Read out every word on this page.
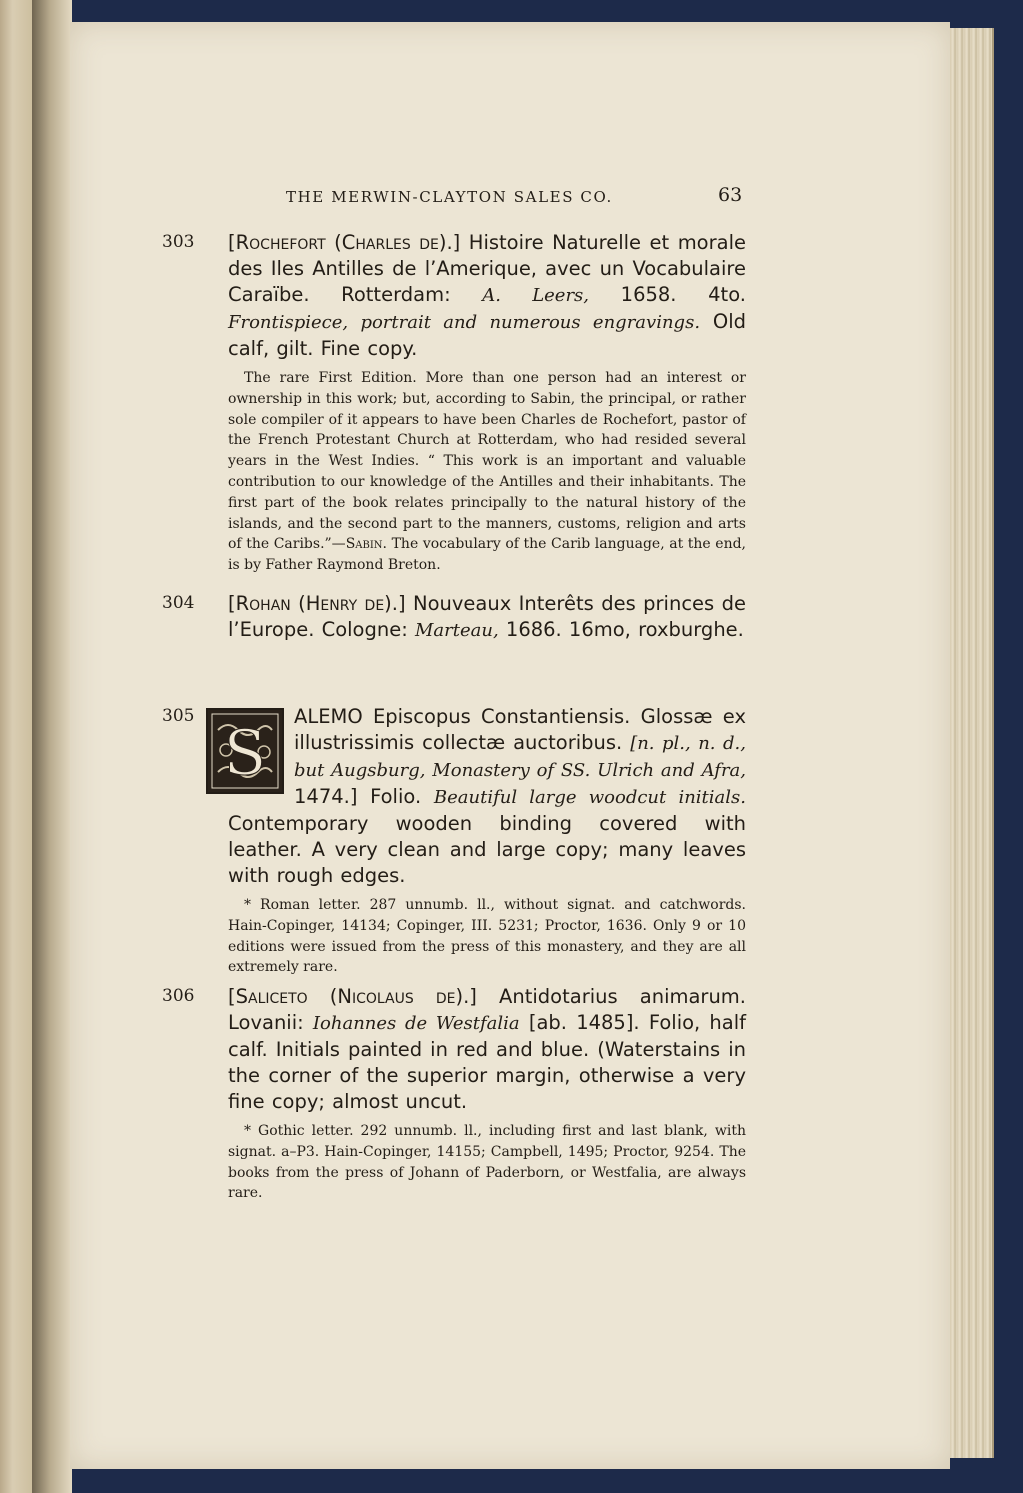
THE MERWIN-CLAYTON SALES CO.	63
303 [Rochefort (Charles de).] Histoire Naturelle et morale des Iles Antilles de l’Amerique, avec un Vocabulaire Caraïbe. Rotterdam: A. Leers, 1658. 4to. Frontispiece, portrait and numerous engravings. Old calf, gilt. Fine copy.
The rare First Edition. More than one person had an interest or ownership in this work; but, according to Sabin, the principal, or rather sole compiler of it appears to have been Charles de Rochefort, pastor of the French Protestant Church at Rotterdam, who had resided several years in the West Indies. “ This work is an important and valuable contribution to our knowledge of the Antilles and their inhabitants. The first part of the book relates principally to the natural history of the islands, and the second part to the manners, customs, religion and arts of the Caribs.”—Sabin. The vocabulary of the Carib language, at the end, is by Father Raymond Breton.
304 [Rohan (Henry de).] Nouveaux Interêts des princes de l’Europe. Cologne: Marteau, 1686. 16mo, roxburghe.
305 S ALEMO Episcopus Constantiensis. Glossæ ex illustrissimis collectæ auctoribus. [n. pl., n. d., but Augsburg, Monastery of SS. Ulrich and Afra, 1474.] Folio. Beautiful large woodcut initials. Contemporary wooden binding covered with leather. A very clean and large copy; many leaves with rough edges.
* Roman letter. 287 unnumb. ll., without signat. and catchwords. Hain-Copinger, 14134; Copinger, III. 5231; Proctor, 1636. Only 9 or 10 editions were issued from the press of this monastery, and they are all extremely rare.
306 [Saliceto (Nicolaus de).] Antidotarius animarum. Lovanii: Iohannes de Westfalia [ab. 1485]. Folio, half calf. Initials painted in red and blue. (Waterstains in the corner of the superior margin, otherwise a very fine copy; almost uncut.
* Gothic letter. 292 unnumb. ll., including first and last blank, with signat. a–P3. Hain-Copinger, 14155; Campbell, 1495; Proctor, 9254. The books from the press of Johann of Paderborn, or Westfalia, are always rare.
